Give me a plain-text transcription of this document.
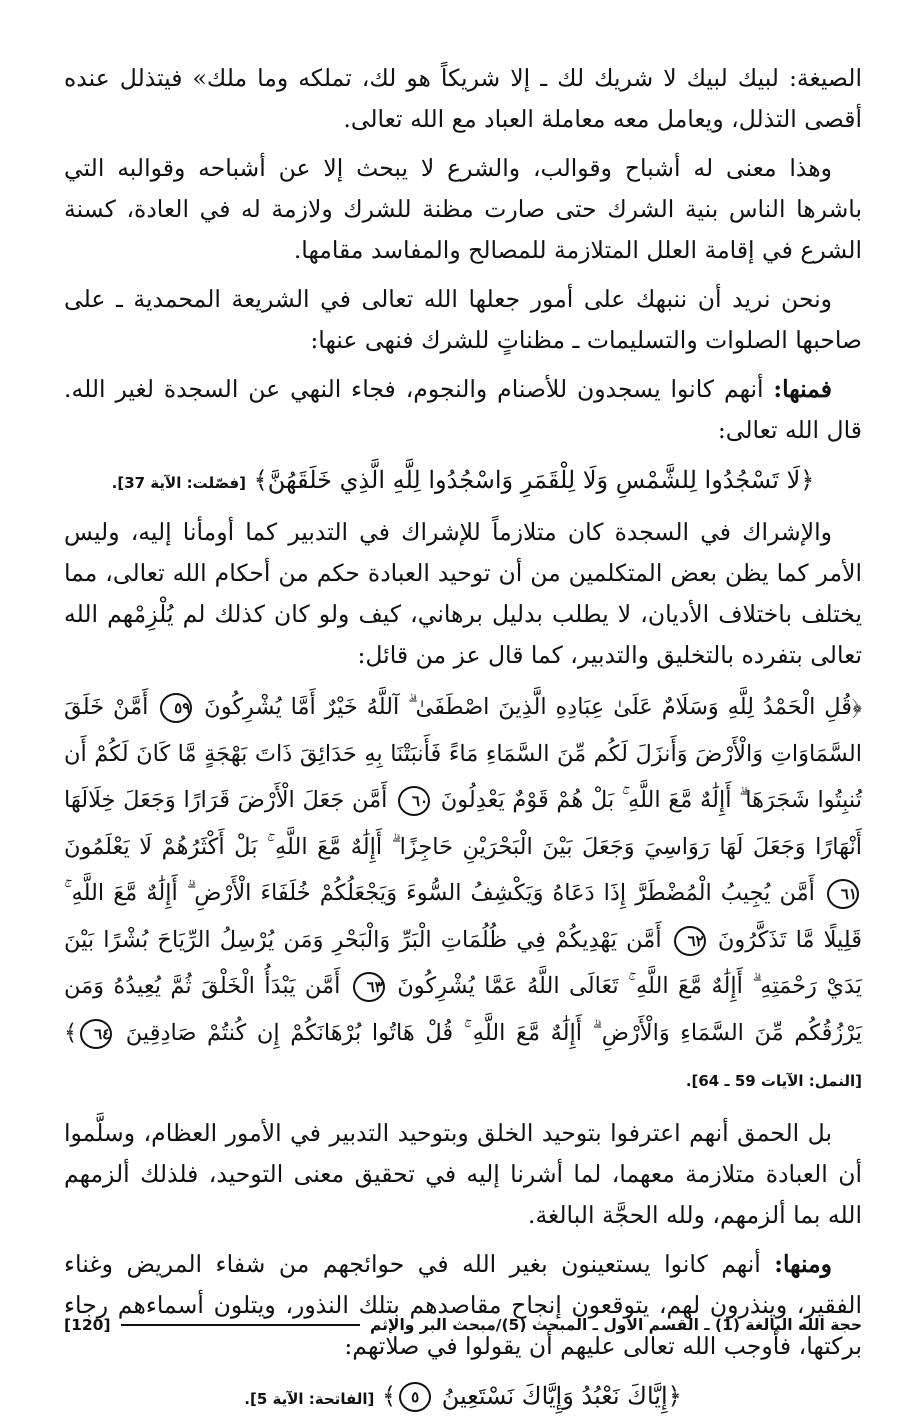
الصيغة: لبيك لبيك لا شريك لك ـ إلا شريكاً هو لك، تملكه وما ملك» فيتذلل عنده أقصى التذلل، ويعامل معه معاملة العباد مع الله تعالى.

وهذا معنى له أشباح وقوالب، والشرع لا يبحث إلا عن أشباحه وقوالبه التي باشرها الناس بنية الشرك حتى صارت مظنة للشرك ولازمة له في العادة، كسنة الشرع في إقامة العلل المتلازمة للمصالح والمفاسد مقامها.

ونحن نريد أن ننبهك على أمور جعلها الله تعالى في الشريعة المحمدية ـ على صاحبها الصلوات والتسليمات ـ مظناتٍ للشرك فنهى عنها:

فمنها: أنهم كانوا يسجدون للأصنام والنجوم، فجاء النهي عن السجدة لغير الله. قال الله تعالى:

﴿لَا تَسْجُدُوا لِلشَّمْسِ وَلَا لِلْقَمَرِ وَاسْجُدُوا لِلَّهِ الَّذِي خَلَقَهُنَّ﴾ [فصّلت: الآية 37].

والإشراك في السجدة كان متلازماً للإشراك في التدبير كما أومأنا إليه، وليس الأمر كما يظن بعض المتكلمين من أن توحيد العبادة حكم من أحكام الله تعالى، مما يختلف باختلاف الأديان، لا يطلب بدليل برهاني، كيف ولو كان كذلك لم يُلْزِمْهم الله تعالى بتفرده بالتخليق والتدبير، كما قال عز من قائل:

﴿قُلِ الْحَمْدُ لِلَّهِ وَسَلَامٌ عَلَىٰ عِبَادِهِ الَّذِينَ اصْطَفَىٰ ۗ آللَّهُ خَيْرٌ أَمَّا يُشْرِكُونَ ٥٩ أَمَّنْ خَلَقَ السَّمَاوَاتِ وَالْأَرْضَ وَأَنزَلَ لَكُم مِّنَ السَّمَاءِ مَاءً فَأَنبَتْنَا بِهِ حَدَائِقَ ذَاتَ بَهْجَةٍ مَّا كَانَ لَكُمْ أَن تُنبِتُوا شَجَرَهَا ۗ أَإِلَٰهٌ مَّعَ اللَّهِ ۚ بَلْ هُمْ قَوْمٌ يَعْدِلُونَ ٦٠ أَمَّن جَعَلَ الْأَرْضَ قَرَارًا وَجَعَلَ خِلَالَهَا أَنْهَارًا وَجَعَلَ لَهَا رَوَاسِيَ وَجَعَلَ بَيْنَ الْبَحْرَيْنِ حَاجِزًا ۗ أَإِلَٰهٌ مَّعَ اللَّهِ ۚ بَلْ أَكْثَرُهُمْ لَا يَعْلَمُونَ ٦١ أَمَّن يُجِيبُ الْمُضْطَرَّ إِذَا دَعَاهُ وَيَكْشِفُ السُّوءَ وَيَجْعَلُكُمْ خُلَفَاءَ الْأَرْضِ ۗ أَإِلَٰهٌ مَّعَ اللَّهِ ۚ قَلِيلًا مَّا تَذَكَّرُونَ ٦٢ أَمَّن يَهْدِيكُمْ فِي ظُلُمَاتِ الْبَرِّ وَالْبَحْرِ وَمَن يُرْسِلُ الرِّيَاحَ بُشْرًا بَيْنَ يَدَيْ رَحْمَتِهِ ۗ أَإِلَٰهٌ مَّعَ اللَّهِ ۚ تَعَالَى اللَّهُ عَمَّا يُشْرِكُونَ ٦٣ أَمَّن يَبْدَأُ الْخَلْقَ ثُمَّ يُعِيدُهُ وَمَن يَرْزُقُكُم مِّنَ السَّمَاءِ وَالْأَرْضِ ۗ أَإِلَٰهٌ مَّعَ اللَّهِ ۚ قُلْ هَاتُوا بُرْهَانَكُمْ إِن كُنتُمْ صَادِقِينَ ٦٤﴾ [النمل: الآيات 59 ـ 64].

بل الحمق أنهم اعترفوا بتوحيد الخلق وبتوحيد التدبير في الأمور العظام، وسلَّموا أن العبادة متلازمة معهما، لما أشرنا إليه في تحقيق معنى التوحيد، فلذلك ألزمهم الله بما ألزمهم، ولله الحجَّة البالغة.

ومنها: أنهم كانوا يستعينون بغير الله في حوائجهم من شفاء المريض وغناء الفقير، وينذرون لهم، يتوقعون إنجاح مقاصدهم بتلك النذور، ويتلون أسماءهم رجاء بركتها، فأوجب الله تعالى عليهم أن يقولوا في صلاتهم:

﴿إِيَّاكَ نَعْبُدُ وَإِيَّاكَ نَسْتَعِينُ ٥﴾ [الفاتحة: الآية 5].

حجة الله البالغة (1) ـ القسم الأول ـ المبحث (5)/مبحث البر والإثم
[120]
